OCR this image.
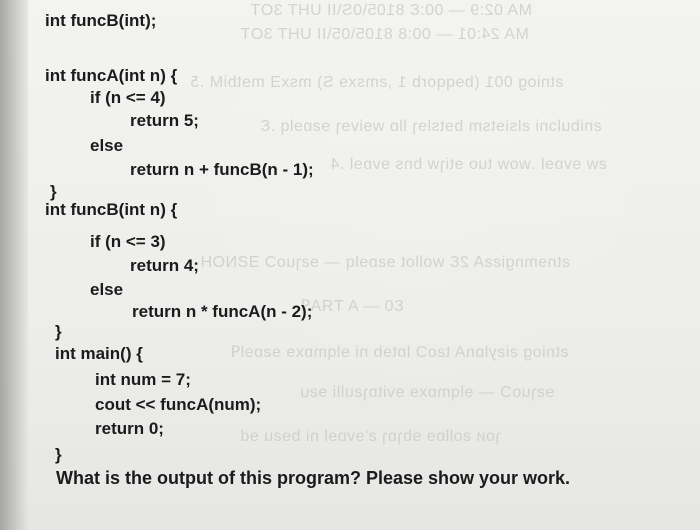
MA 02:9 — 00:Ɛ 8105\0S\II UHT 3OT
MA 24:01 — 00:8 8105\05\II UHT 3OT
ƨtniog 001 (bɘqqorb 1 ,ƨmsxɘ S) msxƎ mɘtbiM .Ƽ
ƨnibulɔni ƨlsiɘtsm bɘtslɘɿ llɒ wɘivɘɿ ɘƨɒɘlq .Ɛ
ƨw ɘvɒɘl .wow tuo ɘtiɿw bns ɘvɒɘl .4
ƨtnɘmngiƨƨA 2Ɛ wollot ɘƨɒɘlq — ɘƨɿuoƆ ƎƧNOH
Ɛ0 — A TЯAꟼ
ƨtniog ƨiƨylɒnA tƨoƆ lɒtɘb ni ɘlqmɒxɘ ɘƨɒɘlꟼ
ɘƨɿuoƆ — ɘlqmɒxɘ ɘvitɒɿƨulli ɘƨu
ɿoᴎ ƨollɒɘ ɘbɿɒɿ ƨ'ɘvɒɘl ni bɘƨu ɘd
int funcB(int);
int funcA(int n) {
if (n <= 4)
return 5;
else
return n + funcB(n - 1);
}
int funcB(int n) {
if (n <= 3)
return 4;
else
return n * funcA(n - 2);
}
int main() {
int num = 7;
cout << funcA(num);
return 0;
}
What is the output of this program? Please show your work.
